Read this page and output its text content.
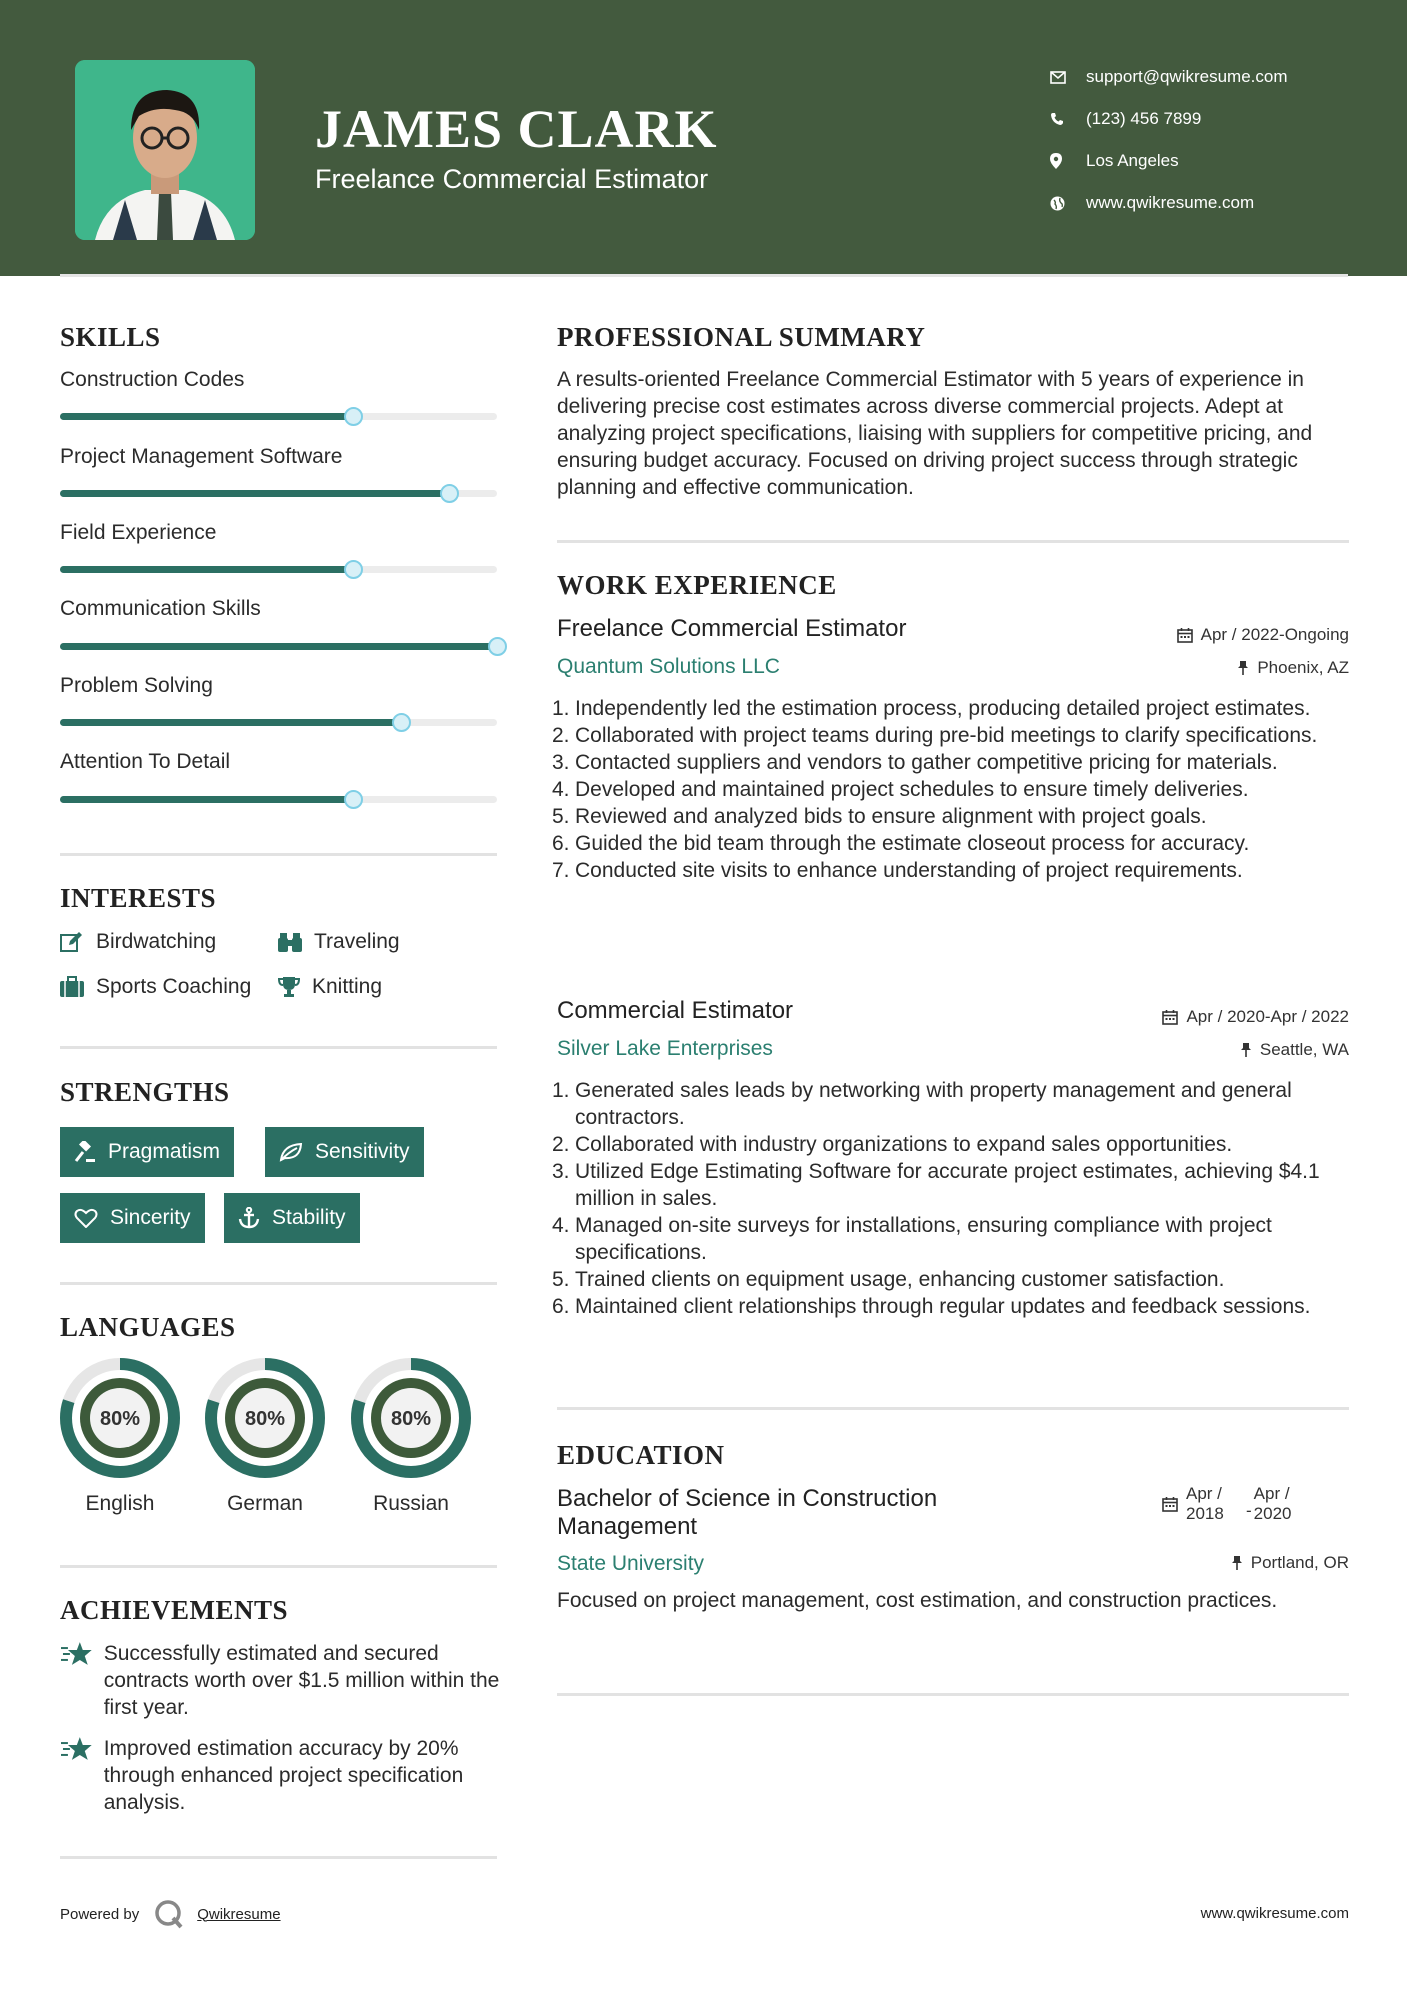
JAMES CLARK
Freelance Commercial Estimator
support@qwikresume.com
(123) 456 7899
Los Angeles
www.qwikresume.com
SKILLS
Construction Codes
Project Management Software
Field Experience
Communication Skills
Problem Solving
Attention To Detail
INTERESTS
Birdwatching	Traveling
Sports Coaching	Knitting
STRENGTHS
Pragmatism	Sensitivity
Sincerity	Stability
LANGUAGES
80%
English
80%
German
80%
Russian
ACHIEVEMENTS
Successfully estimated and secured contracts worth over $1.5 million within the first year.
Improved estimation accuracy by 20% through enhanced project specification analysis.
PROFESSIONAL SUMMARY
A results-oriented Freelance Commercial Estimator with 5 years of experience in delivering precise cost estimates across diverse commercial projects. Adept at analyzing project specifications, liaising with suppliers for competitive pricing, and ensuring budget accuracy. Focused on driving project success through strategic planning and effective communication.
WORK EXPERIENCE
Freelance Commercial Estimator	Apr / 2022-Ongoing
Quantum Solutions LLC	Phoenix, AZ
1. Independently led the estimation process, producing detailed project estimates.
2. Collaborated with project teams during pre-bid meetings to clarify specifications.
3. Contacted suppliers and vendors to gather competitive pricing for materials.
4. Developed and maintained project schedules to ensure timely deliveries.
5. Reviewed and analyzed bids to ensure alignment with project goals.
6. Guided the bid team through the estimate closeout process for accuracy.
7. Conducted site visits to enhance understanding of project requirements.
Commercial Estimator	Apr / 2020-Apr / 2022
Silver Lake Enterprises	Seattle, WA
1. Generated sales leads by networking with property management and general contractors.
2. Collaborated with industry organizations to expand sales opportunities.
3. Utilized Edge Estimating Software for accurate project estimates, achieving $4.1 million in sales.
4. Managed on-site surveys for installations, ensuring compliance with project specifications.
5. Trained clients on equipment usage, enhancing customer satisfaction.
6. Maintained client relationships through regular updates and feedback sessions.
EDUCATION
Bachelor of Science in Construction
Management
Apr /
2018	-
Apr /
2020
State University	Portland, OR
Focused on project management, cost estimation, and construction practices.
Powered by	Qwikresume	www.qwikresume.com
